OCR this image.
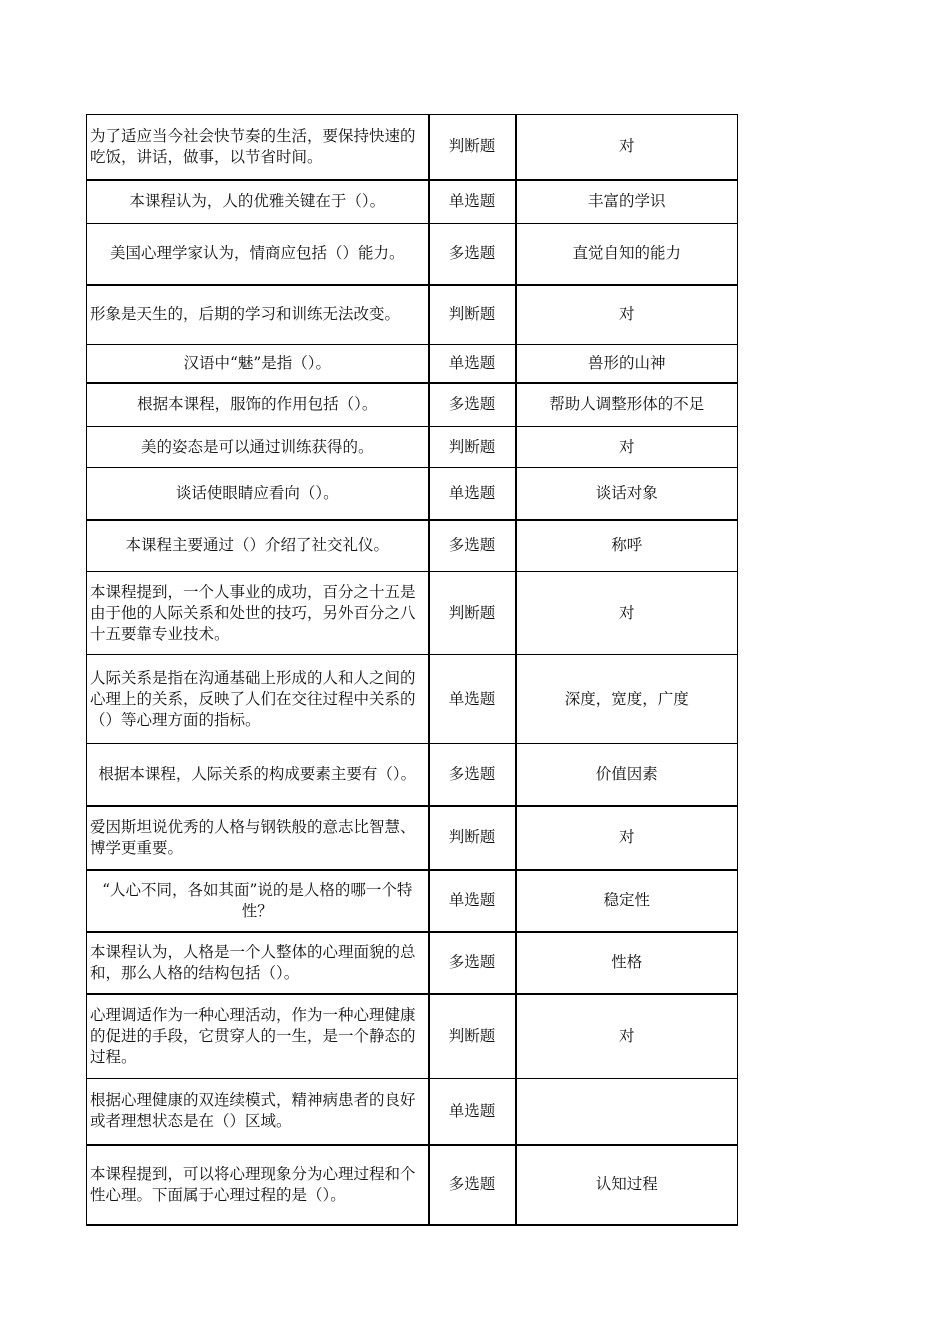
为了适应当今社会快节奏的生活，要保持快速的吃饭，讲话，做事，以节省时间。	判断题	对
本课程认为，人的优雅关键在于（）。	单选题	丰富的学识
美国心理学家认为，情商应包括（）能力。	多选题	直觉自知的能力
形象是天生的，后期的学习和训练无法改变。	判断题	对
汉语中“魅”是指（）。	单选题	兽形的山神
根据本课程，服饰的作用包括（）。	多选题	帮助人调整形体的不足
美的姿态是可以通过训练获得的。	判断题	对
谈话使眼睛应看向（）。	单选题	谈话对象
本课程主要通过（）介绍了社交礼仪。	多选题	称呼
本课程提到，一个人事业的成功，百分之十五是由于他的人际关系和处世的技巧，另外百分之八十五要靠专业技术。	判断题	对
人际关系是指在沟通基础上形成的人和人之间的心理上的关系，反映了人们在交往过程中关系的（）等心理方面的指标。	单选题	深度，宽度，广度
根据本课程，人际关系的构成要素主要有（）。	多选题	价值因素
爱因斯坦说优秀的人格与钢铁般的意志比智慧、博学更重要。	判断题	对
“人心不同，各如其面”说的是人格的哪一个特性？	单选题	稳定性
本课程认为，人格是一个人整体的心理面貌的总和，那么人格的结构包括（）。	多选题	性格
心理调适作为一种心理活动，作为一种心理健康的促进的手段，它贯穿人的一生，是一个静态的过程。	判断题	对
根据心理健康的双连续模式，精神病患者的良好或者理想状态是在（）区域。	单选题	
本课程提到，可以将心理现象分为心理过程和个性心理。下面属于心理过程的是（）。	多选题	认知过程
